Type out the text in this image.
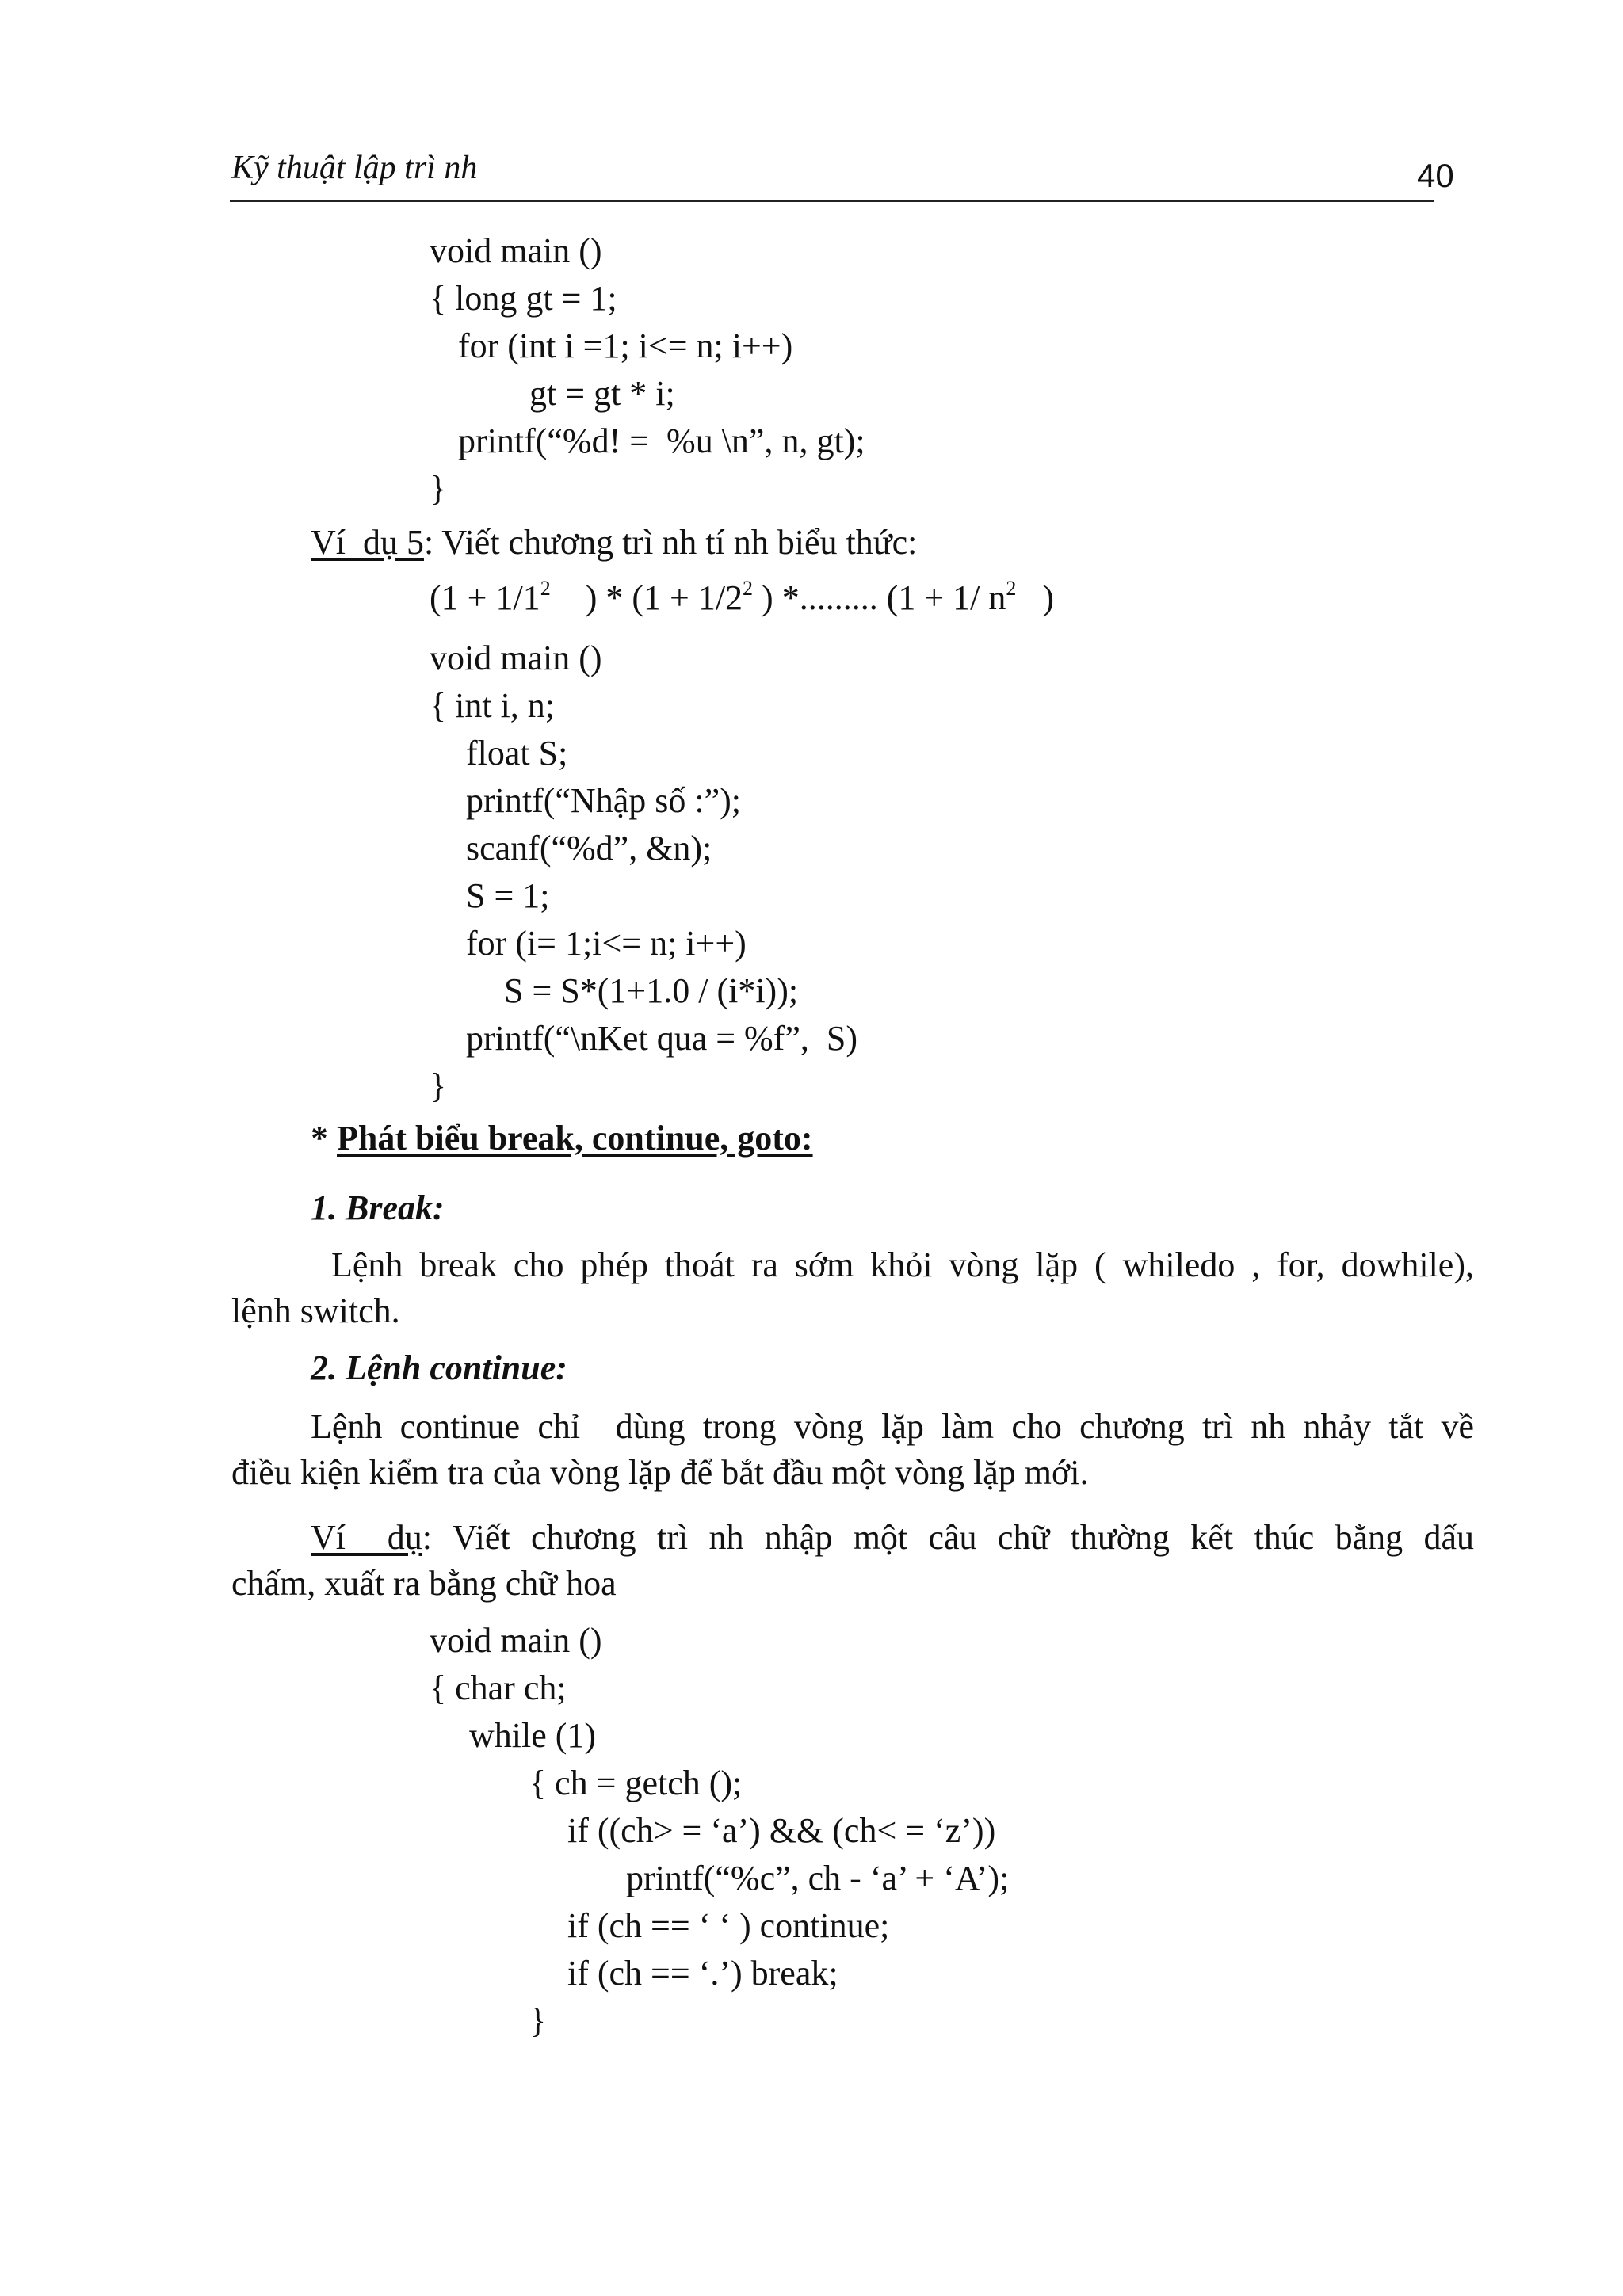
Kỹ thuật lập trì nh	40
void main ()
{ long gt = 1;
for (int i =1; i<= n; i++)
gt = gt * i;
printf(“%d! =  %u \n”, n, gt);
}
Ví  dụ 5: Viết chương trì nh tí nh biểu thức:
($1 + 1/1^2$ ) * ($1 + 1/2^2$ ) *......... (1 + 1/ $n^2$ )
void main ()
{ int i, n;
float S;
printf(“Nhập số :”);
scanf(“%d”, &n);
S = 1;
for (i= 1;i<= n; i++)
S = S*(1+1.0 / (i*i));
printf(“\nKet qua = %f”,  S)
}
* Phát biểu break, continue, goto:
1. Break:
Lệnh break cho phép thoát ra sớm khỏi vòng lặp ( whiledo , for, dowhile),
lệnh switch.
2. Lệnh continue:
Lệnh continue chỉ  dùng trong vòng lặp làm cho chương trì nh nhảy tắt về
điều kiện kiểm tra của vòng lặp để bắt đầu một vòng lặp mới.
Ví  dụ: Viết chương trì nh nhập một câu chữ thường kết thúc bằng dấu
chấm, xuất ra bằng chữ hoa
void main ()
{ char ch;
while (1)
{ ch = getch ();
if ((ch> = ‘a’) && (ch< = ‘z’))
printf(“%c”, ch - ‘a’ + ‘A’);
if (ch == ‘ ‘ ) continue;
if (ch == ‘.’) break;
}
